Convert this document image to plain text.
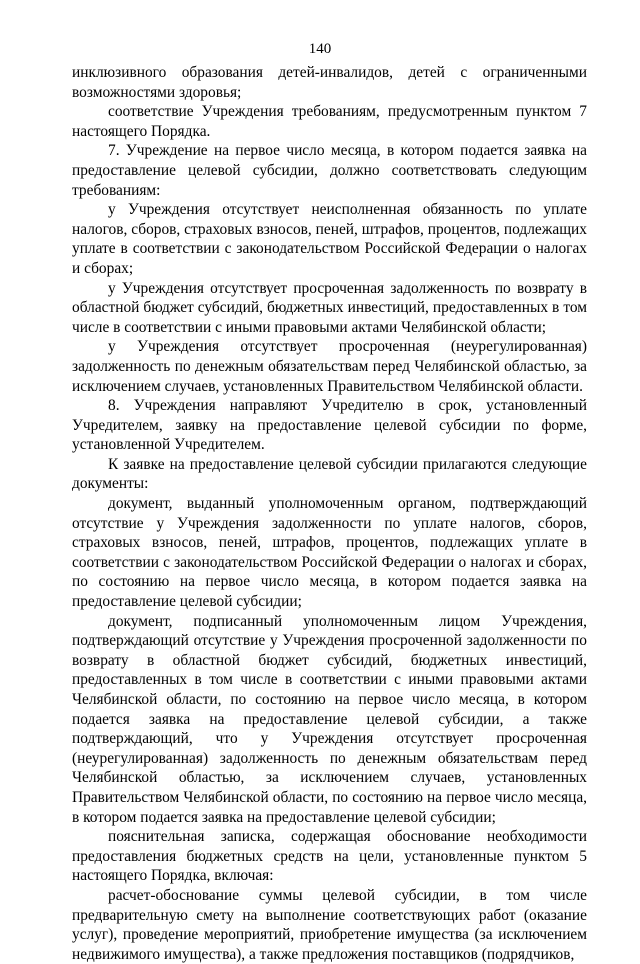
140

инклюзивного образования детей-инвалидов, детей с ограниченными возможностями здоровья;

соответствие Учреждения требованиям, предусмотренным пунктом 7 настоящего Порядка.

7. Учреждение на первое число месяца, в котором подается заявка на предоставление целевой субсидии, должно соответствовать следующим требованиям:

у Учреждения отсутствует неисполненная обязанность по уплате налогов, сборов, страховых взносов, пеней, штрафов, процентов, подлежащих уплате в соответствии с законодательством Российской Федерации о налогах и сборах;

у Учреждения отсутствует просроченная задолженность по возврату в областной бюджет субсидий, бюджетных инвестиций, предоставленных в том числе в соответствии с иными правовыми актами Челябинской области;

у Учреждения отсутствует просроченная (неурегулированная) задолженность по денежным обязательствам перед Челябинской областью, за исключением случаев, установленных Правительством Челябинской области.

8. Учреждения направляют Учредителю в срок, установленный Учредителем, заявку на предоставление целевой субсидии по форме, установленной Учредителем.

К заявке на предоставление целевой субсидии прилагаются следующие документы:

документ, выданный уполномоченным органом, подтверждающий отсутствие у Учреждения задолженности по уплате налогов, сборов, страховых взносов, пеней, штрафов, процентов, подлежащих уплате в соответствии с законодательством Российской Федерации о налогах и сборах, по состоянию на первое число месяца, в котором подается заявка на предоставление целевой субсидии;

документ, подписанный уполномоченным лицом Учреждения, подтверждающий отсутствие у Учреждения просроченной задолженности по возврату в областной бюджет субсидий, бюджетных инвестиций, предоставленных в том числе в соответствии с иными правовыми актами Челябинской области, по состоянию на первое число месяца, в котором подается заявка на предоставление целевой субсидии, а также подтверждающий, что у Учреждения отсутствует просроченная (неурегулированная) задолженность по денежным обязательствам перед Челябинской областью, за исключением случаев, установленных Правительством Челябинской области, по состоянию на первое число месяца, в котором подается заявка на предоставление целевой субсидии;

пояснительная записка, содержащая обоснование необходимости предоставления бюджетных средств на цели, установленные пунктом 5 настоящего Порядка, включая:

расчет-обоснование суммы целевой субсидии, в том числе предварительную смету на выполнение соответствующих работ (оказание услуг), проведение мероприятий, приобретение имущества (за исключением недвижимого имущества), а также предложения поставщиков (подрядчиков,
